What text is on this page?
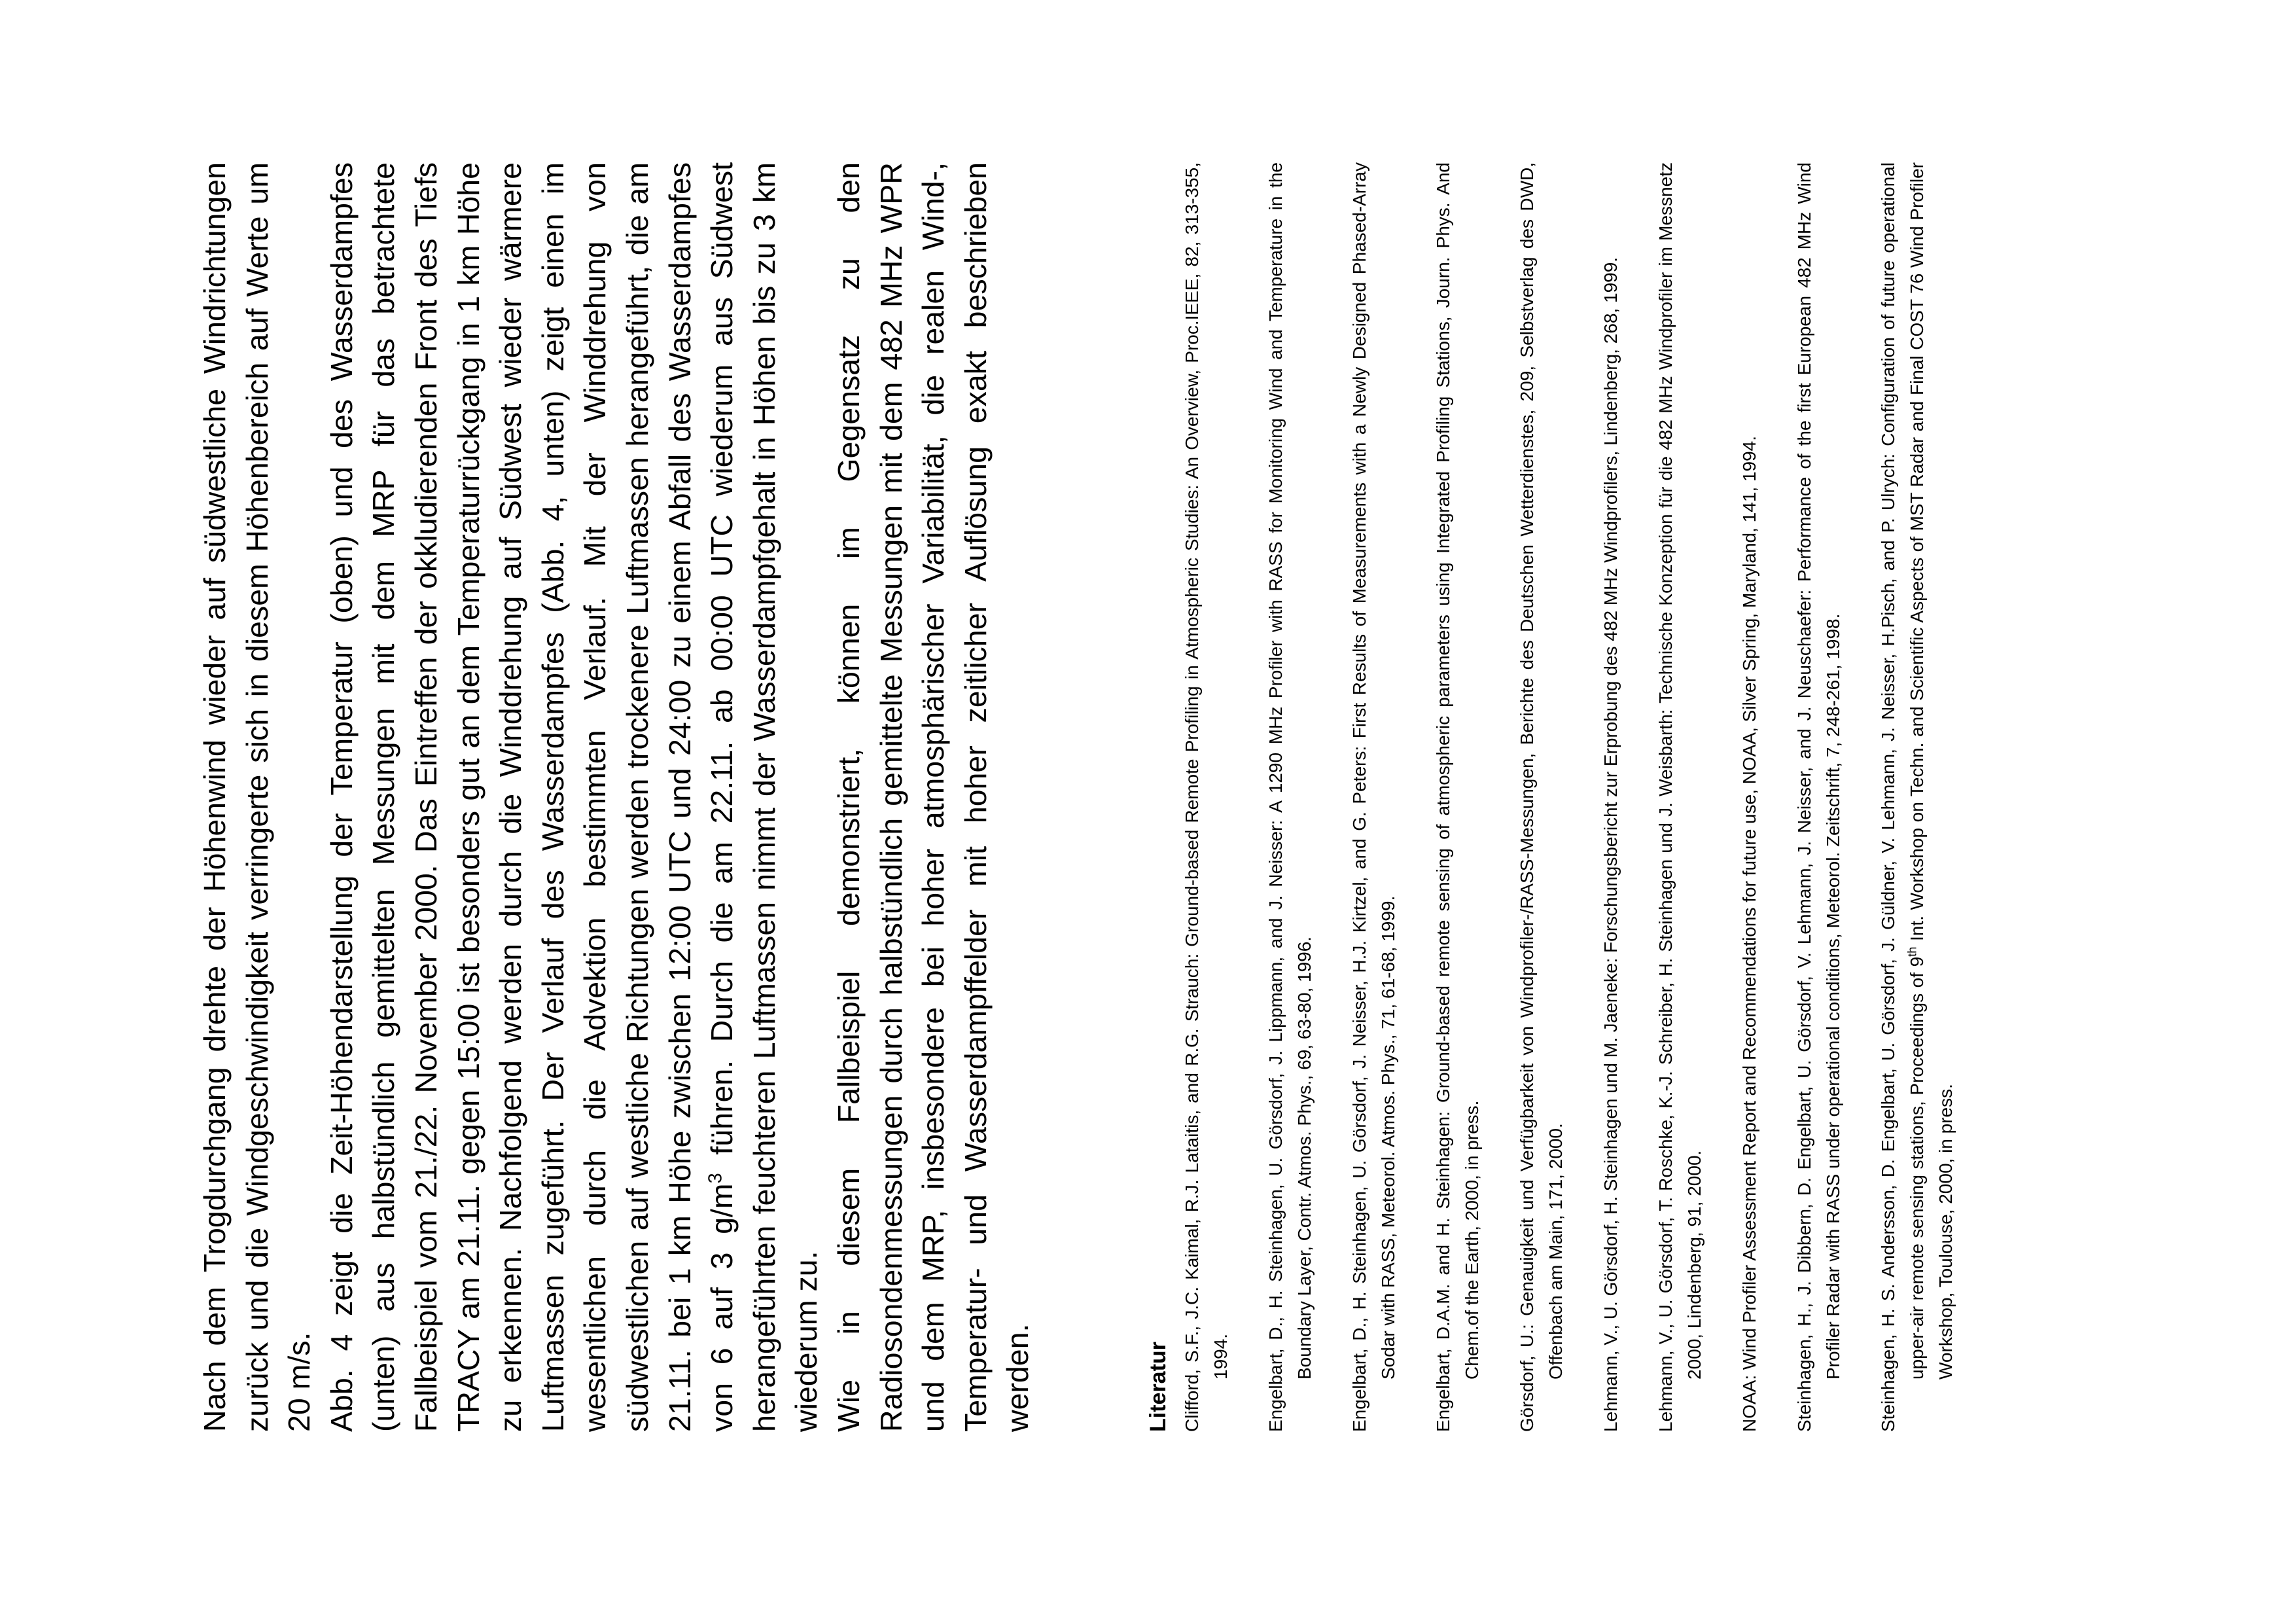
Nach dem Trogdurchgang drehte der Höhenwind wieder auf südwestliche Windrichtungen zurück und die Windgeschwindigkeit verringerte sich in diesem Höhenbereich auf Werte um 20 m/s. Abb. 4 zeigt die Zeit-Höhendarstellung der Temperatur (oben) und des Wasserdampfes (unten) aus halbstündlich gemittelten Messungen mit dem MRP für das betrachtete Fallbeispiel vom 21./22. November 2000. Das Eintreffen der okkludierenden Front des Tiefs TRACY am 21.11. gegen 15:00 ist besonders gut an dem Temperaturrückgang in 1 km Höhe zu erkennen. Nachfolgend werden durch die Winddrehung auf Südwest wieder wärmere Luftmassen zugeführt. Der Verlauf des Wasserdampfes (Abb. 4, unten) zeigt einen im wesentlichen durch die Advektion bestimmten Verlauf. Mit der Winddrehung von südwestlichen auf westliche Richtungen werden trockenere Luftmassen herangeführt, die am 21.11. bei 1 km Höhe zwischen 12:00 UTC und 24:00 zu einem Abfall des Wasserdampfes von 6 auf 3 $g/m^3$ führen. Durch die am 22.11. ab 00:00 UTC wiederum aus Südwest herangeführten feuchteren Luftmassen nimmt der Wasserdampfgehalt in Höhen bis zu 3 km wiederum zu. Wie in diesem Fallbeispiel demonstriert, können im Gegensatz zu den Radiosondenmessungen durch halbstündlich gemittelte Messungen mit dem 482 MHz WPR und dem MRP, insbesondere bei hoher atmosphärischer Variabilität, die realen Wind-, Temperatur- und Wasserdampffelder mit hoher zeitlicher Auflösung exakt beschrieben werden.	Literatur Clifford, S.F., J.C. Kaimal, R.J. Lataitis, and R.G. Strauch: Ground-based Remote Profiling in Atmospheric Studies: An Overview, Proc.IEEE, 82, 313-355, 1994. Engelbart, D., H. Steinhagen, U. Görsdorf, J. Lippmann, and J. Neisser: A 1290 MHz Profiler with RASS for Monitoring Wind and Temperature in the Boundary Layer, Contr. Atmos. Phys., 69, 63-80, 1996. Engelbart, D., H. Steinhagen, U. Görsdorf, J. Neisser, H.J. Kirtzel, and G. Peters: First Results of Measurements with a Newly Designed Phased-Array Sodar with RASS, Meteorol. Atmos. Phys., 71, 61-68, 1999. Engelbart, D.A.M. and H. Steinhagen: Ground-based remote sensing of atmospheric parameters using Integrated Profiling Stations, Journ. Phys. And Chem.of the Earth, 2000, in press. Görsdorf, U.: Genauigkeit und Verfügbarkeit von Windprofiler-/RASS-Messungen, Berichte des Deutschen Wetterdienstes, 209, Selbstverlag des DWD, Offenbach am Main, 171, 2000. Lehmann, V., U. Görsdorf, H. Steinhagen und M. Jaeneke: Forschungsbericht zur Erprobung des 482 MHz Windprofilers, Lindenberg, 268, 1999. Lehmann, V., U. Görsdorf, T. Roschke, K.-J. Schreiber, H. Steinhagen und J. Weisbarth: Technische Konzeption für die 482 MHz Windprofiler im Messnetz 2000, Lindenberg, 91, 2000. NOAA: Wind Profiler Assessment Report and Recommendations for future use, NOAA, Silver Spring, Maryland, 141, 1994. Steinhagen, H., J. Dibbern, D. Engelbart, U. Görsdorf, V. Lehmann, J. Neisser, and J. Neuschaefer: Performance of the first European 482 MHz Wind Profiler Radar with RASS under operational conditions, Meteorol. Zeitschrift, 7, 248-261, 1998. Steinhagen, H. S. Andersson, D. Engelbart, U. Görsdorf, J. Güldner, V. Lehmann, J. Neisser, H.Pisch, and P. Ulrych: Configuration of future operational upper-air remote sensing stations, Proceedings of 9th Int. Workshop on Techn. and Scientific Aspects of MST Radar and Final COST 76 Wind Profiler Workshop, Toulouse, 2000, in press.
